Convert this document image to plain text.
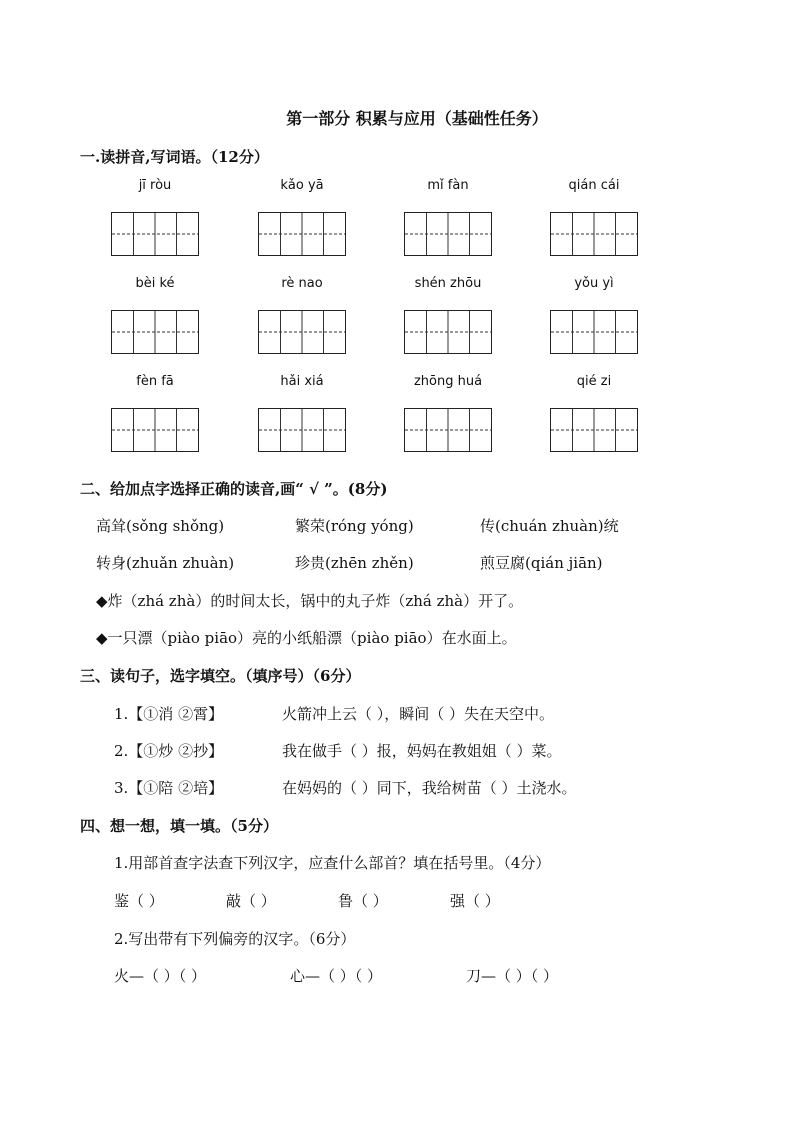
第一部分 积累与应用（基础性任务）
一.读拼音,写词语。（12分）
jī ròu	kǎo yā	mǐ fàn	qián cái
bèi ké	rè nao	shén zhōu	yǒu yì
fèn fā	hǎi xiá	zhōng huá	qié zi
二、给加点字选择正确的读音,画“ √ ”。(8分)
高耸(sǒng shǒng)	繁荣(róng yóng)	传(chuán zhuàn)统
转身(zhuǎn zhuàn)	珍贵(zhēn zhěn)	煎豆腐(qián jiān)
◆炸（zhá zhà）的时间太长，锅中的丸子炸（zhá zhà）开了。
◆一只漂（piào piāo）亮的小纸船漂（piào piāo）在水面上。
三、读句子，选字填空。（填序号）（6分）
1.【①消 ②霄】	火箭冲上云（ ），瞬间（ ）失在天空中。
2.【①炒 ②抄】	我在做手（ ）报，妈妈在教姐姐（ ）菜。
3.【①陪 ②培】	在妈妈的（ ）同下，我给树苗（ ）土浇水。
四、想一想，填一填。（5分）
1.用部首查字法查下列汉字，应查什么部首？填在括号里。（4分）
鉴（ ）	敲（ ）	鲁（ ）	强（ ）
2.写出带有下列偏旁的汉字。（6分）
火—（ ）（ ）	心—（ ）（ ）	刀—（ ）（ ）
